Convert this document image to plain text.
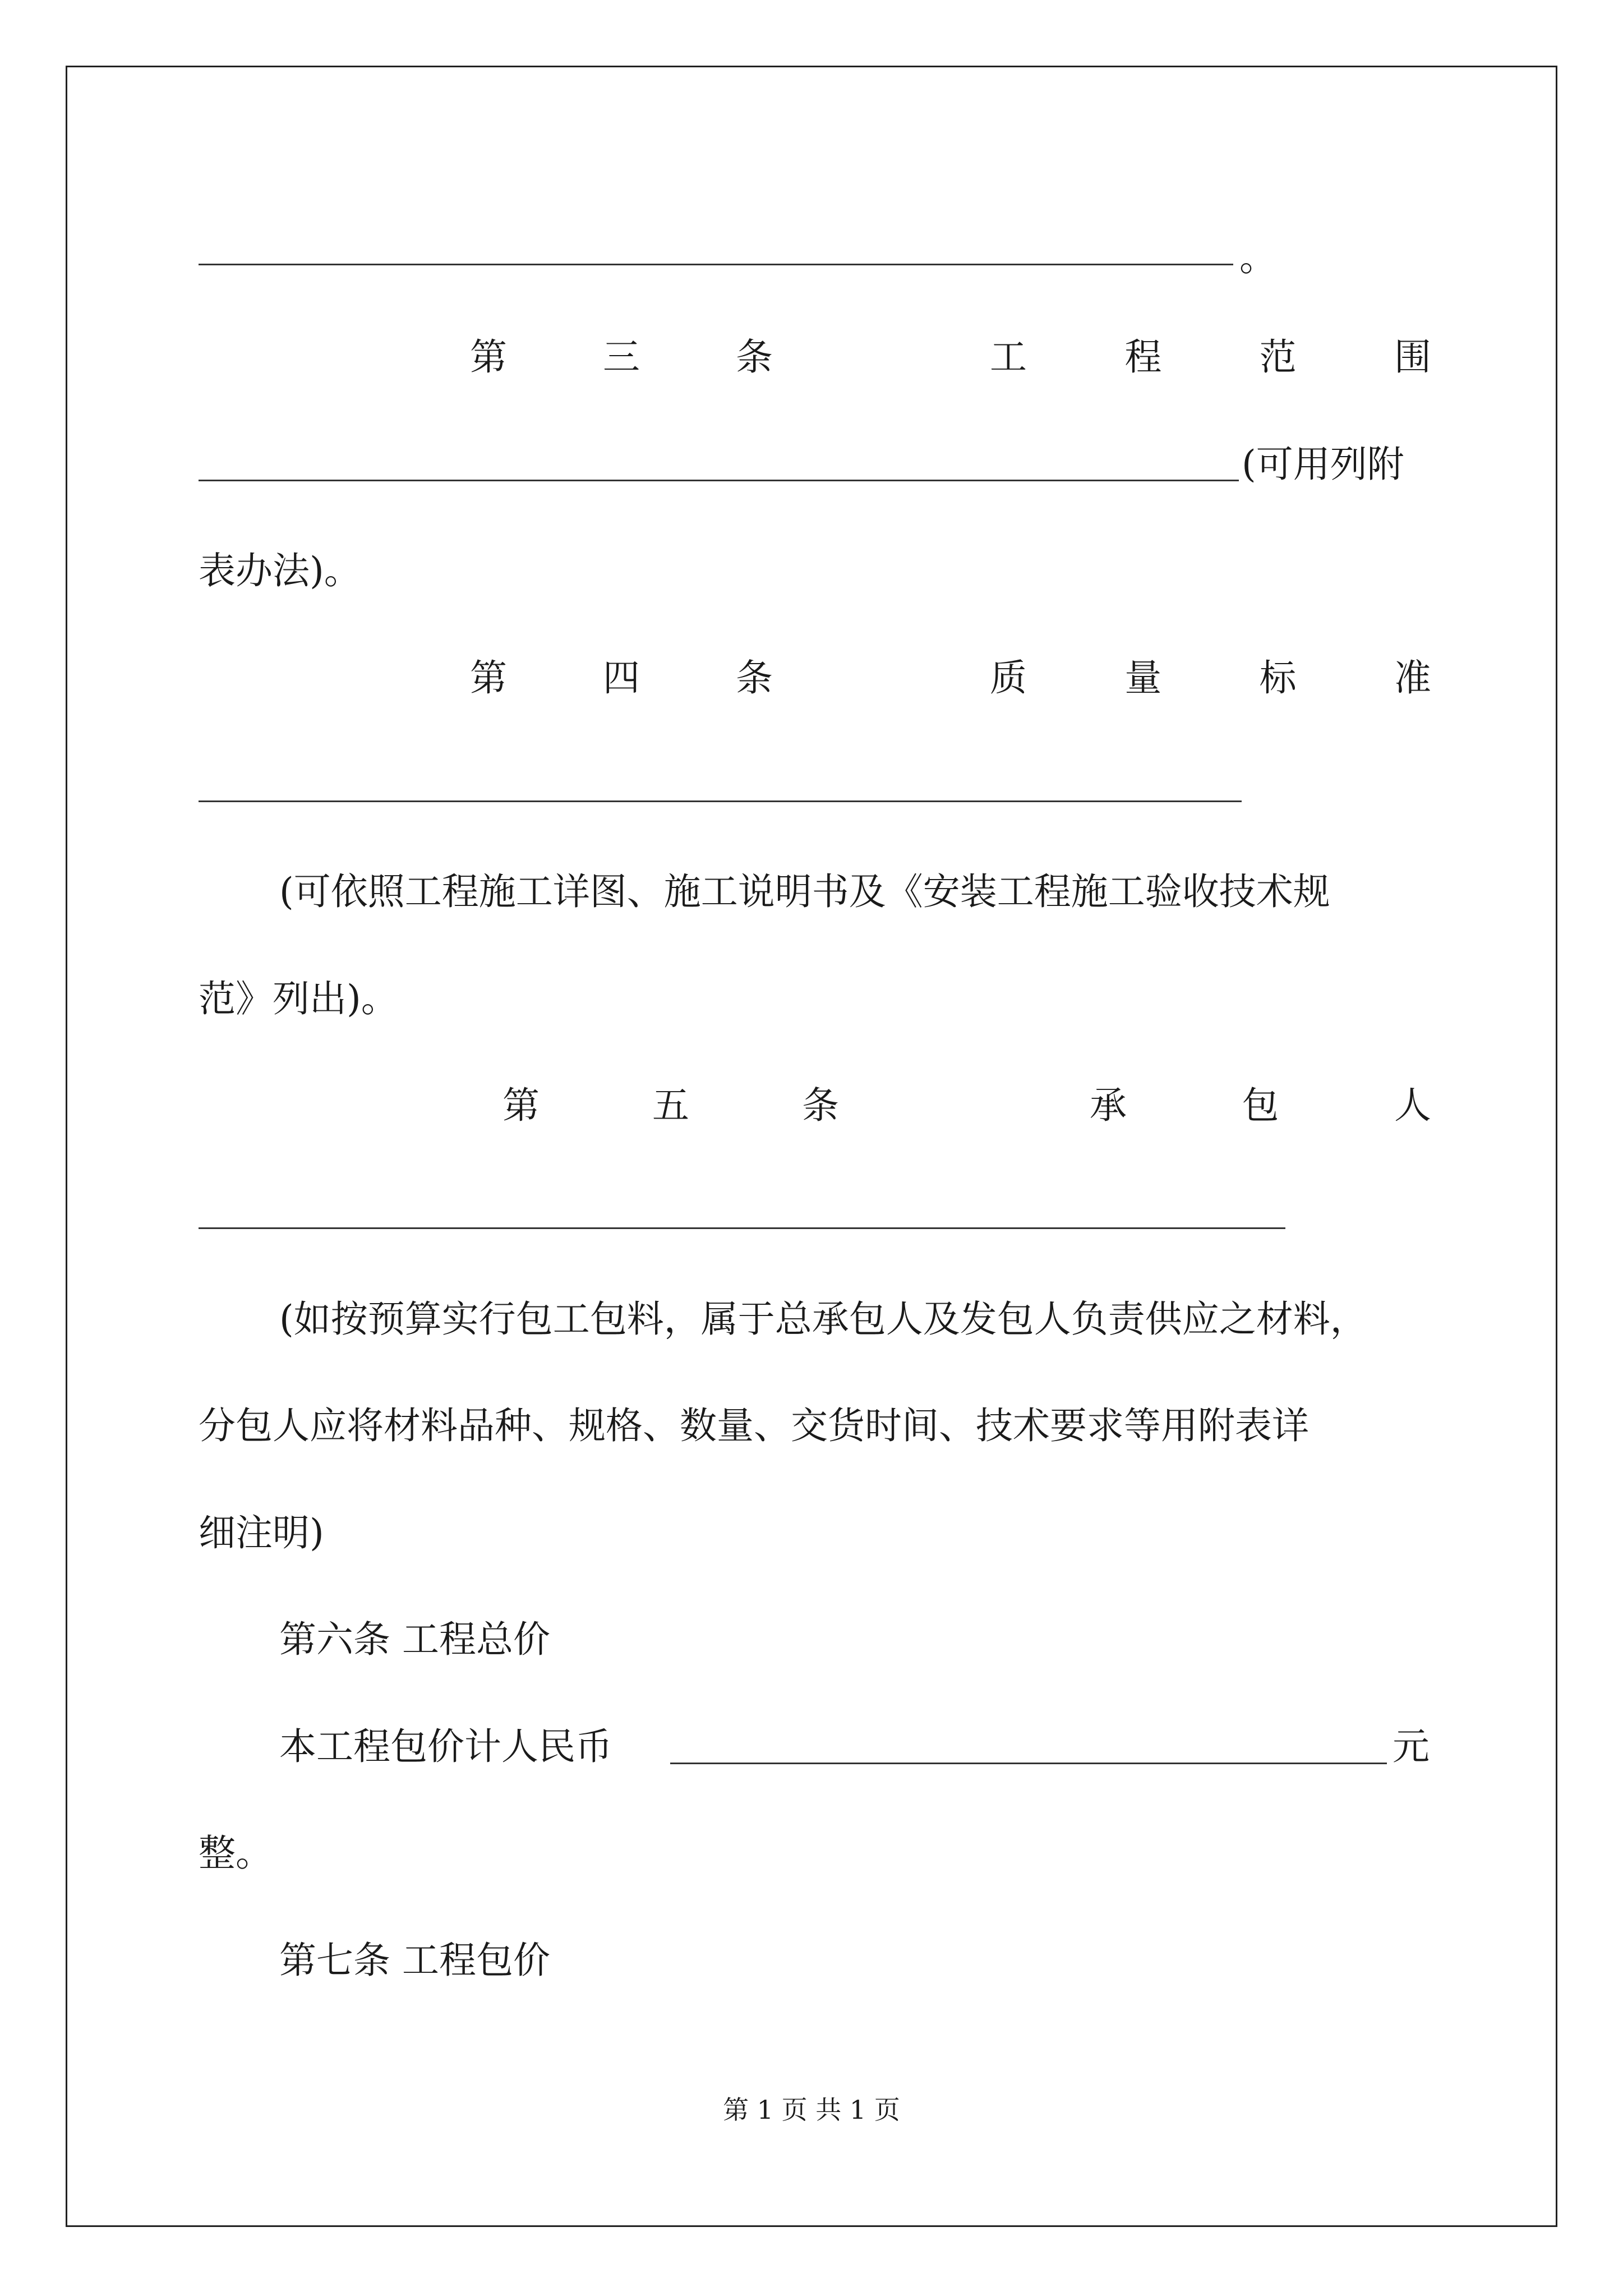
。
第	三	条	工	程	范	围
(可用列附
表办法)。
第	四	条	质	量	标	准
(可依照工程施工详图、施工说明书及《安装工程施工验收技术规
范》列出)。
第	五	条	承	包	人
(如按预算实行包工包料，属于总承包人及发包人负责供应之材料，
分包人应将材料品种、规格、数量、交货时间、技术要求等用附表详
细注明)
第六条 工程总价
本工程包价计人民币	元
整。
第七条 工程包价
第 1 页 共 1 页
